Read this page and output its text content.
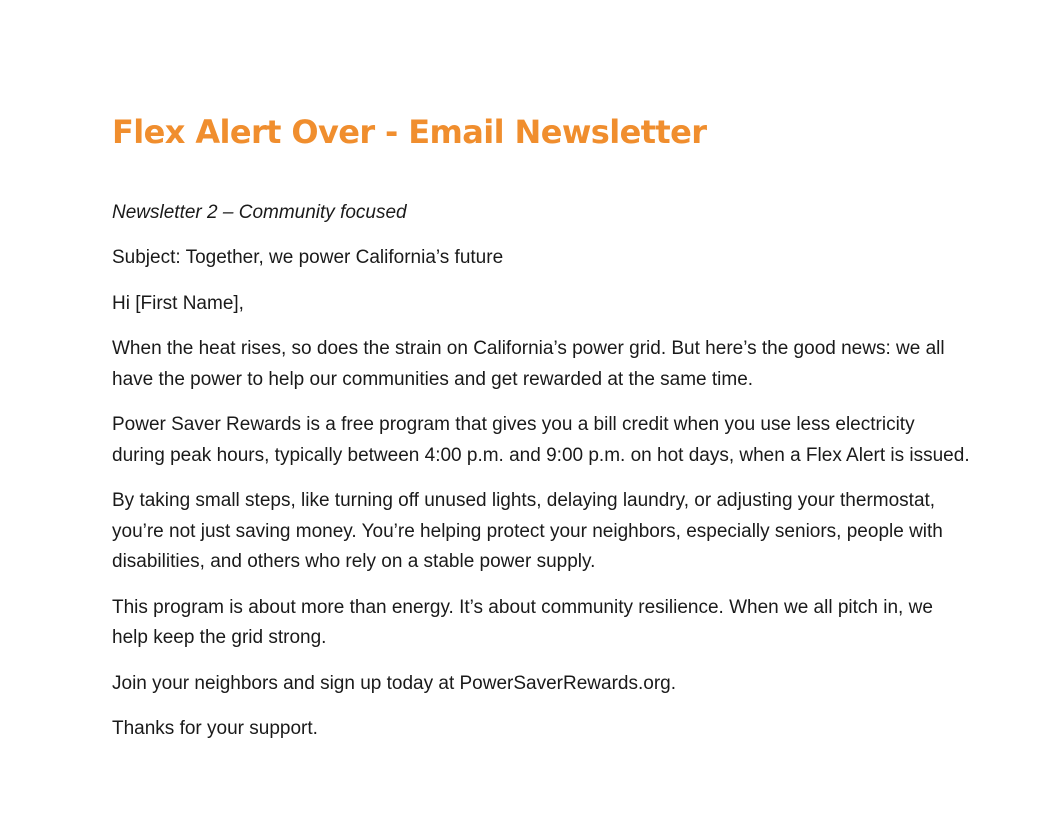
Flex Alert Over - Email Newsletter

Newsletter 2 – Community focused

Subject: Together, we power California’s future

Hi [First Name],

When the heat rises, so does the strain on California’s power grid. But here’s the good news: we all have the power to help our communities and get rewarded at the same time.

Power Saver Rewards is a free program that gives you a bill credit when you use less electricity during peak hours, typically between 4:00 p.m. and 9:00 p.m. on hot days, when a Flex Alert is issued.

By taking small steps, like turning off unused lights, delaying laundry, or adjusting your thermostat, you’re not just saving money. You’re helping protect your neighbors, especially seniors, people with disabilities, and others who rely on a stable power supply.

This program is about more than energy. It’s about community resilience. When we all pitch in, we help keep the grid strong.

Join your neighbors and sign up today at PowerSaverRewards.org.

Thanks for your support.
